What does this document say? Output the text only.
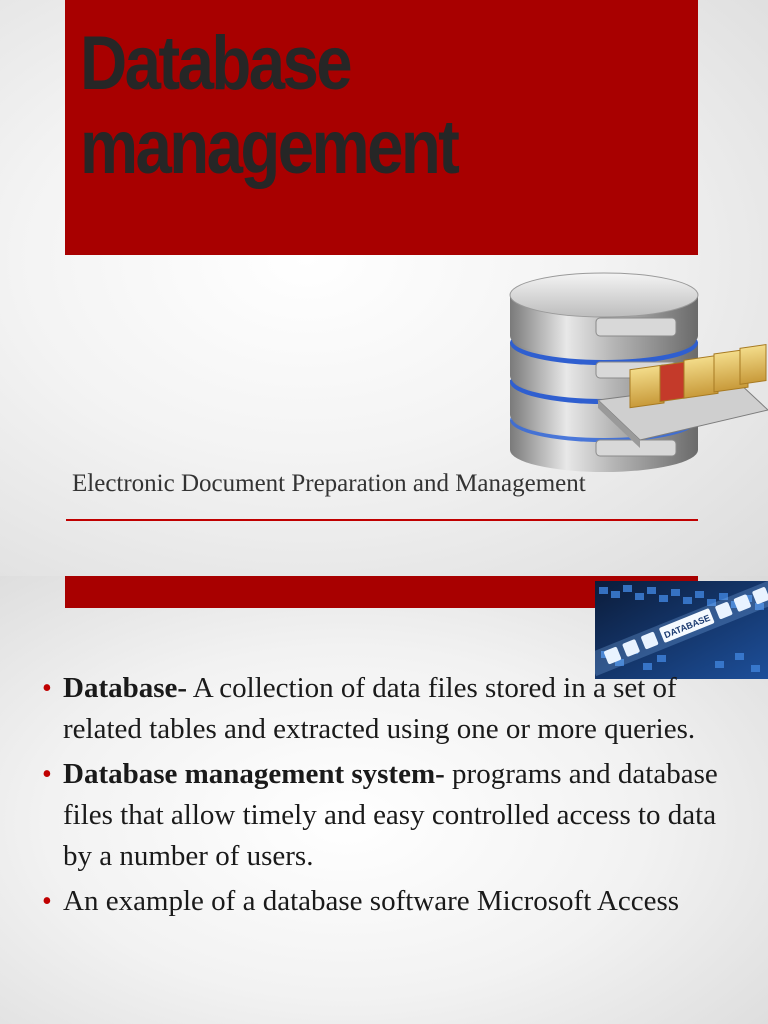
Database
management
Electronic Document Preparation and Management
DATABASE
• Database- A collection of data files stored in a set of related tables and extracted using one or more queries.
• Database management system- programs and database files that allow timely and easy controlled access to data by a number of users.
• An example of a database software Microsoft Access
